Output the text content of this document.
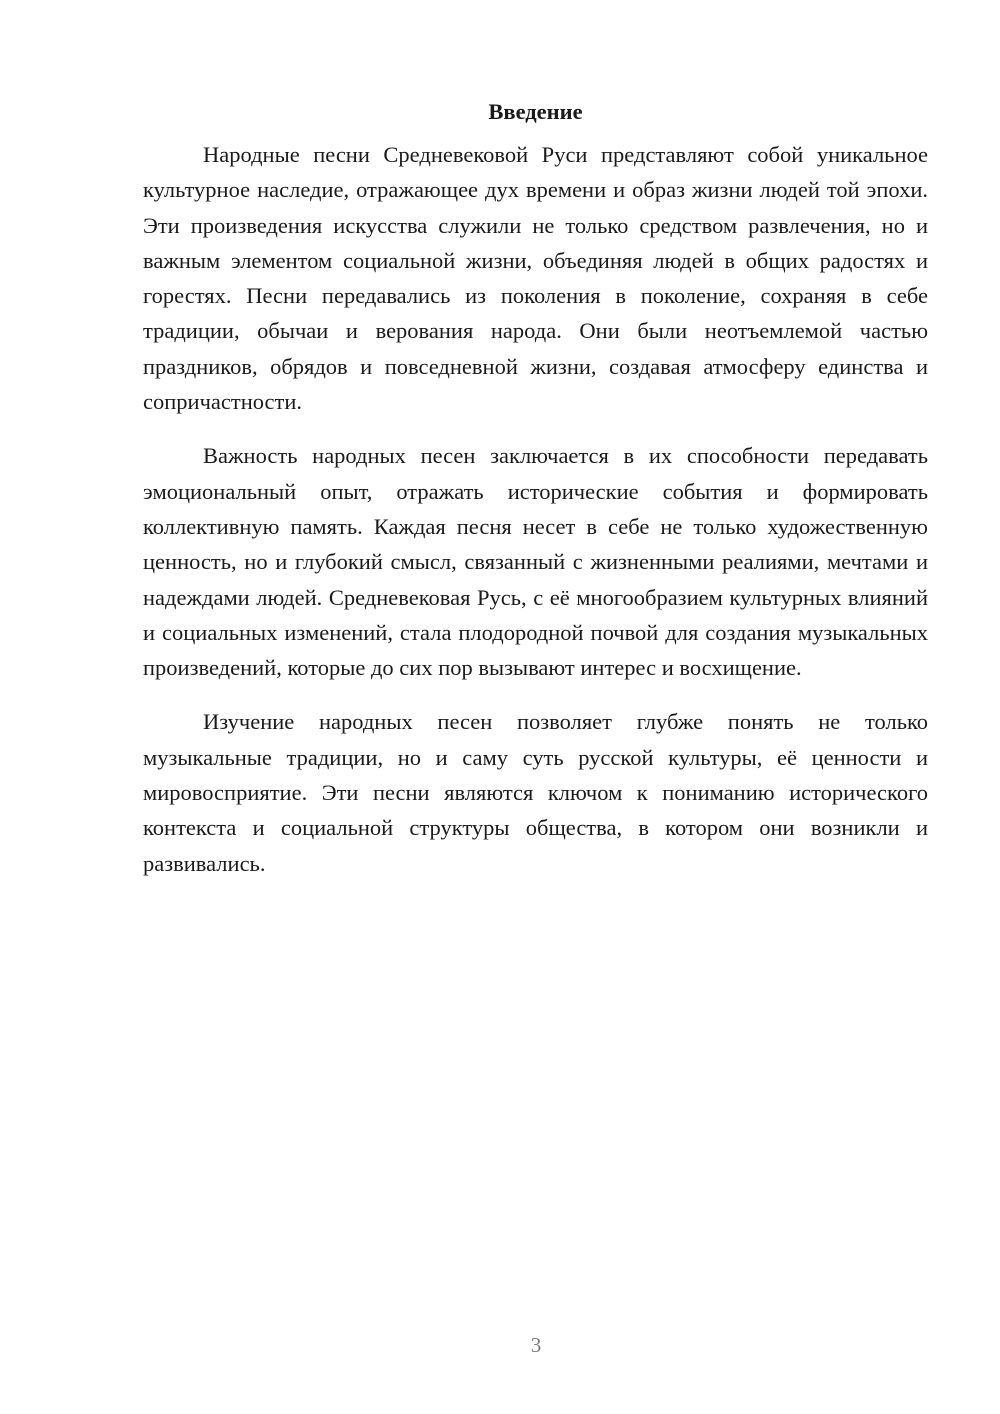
Введение

Народные песни Средневековой Руси представляют собой уникальное культурное наследие, отражающее дух времени и образ жизни людей той эпохи. Эти произведения искусства служили не только средством развлечения, но и важным элементом социальной жизни, объединяя людей в общих радостях и горестях. Песни передавались из поколения в поколение, сохраняя в себе традиции, обычаи и верования народа. Они были неотъемлемой частью праздников, обрядов и повседневной жизни, создавая атмосферу единства и сопричастности.

Важность народных песен заключается в их способности передавать эмоциональный опыт, отражать исторические события и формировать коллективную память. Каждая песня несет в себе не только художественную ценность, но и глубокий смысл, связанный с жизненными реалиями, мечтами и надеждами людей. Средневековая Русь, с её многообразием культурных влияний и социальных изменений, стала плодородной почвой для создания музыкальных произведений, которые до сих пор вызывают интерес и восхищение.

Изучение народных песен позволяет глубже понять не только музыкальные традиции, но и саму суть русской культуры, её ценности и мировосприятие. Эти песни являются ключом к пониманию исторического контекста и социальной структуры общества, в котором они возникли и развивались.

3
